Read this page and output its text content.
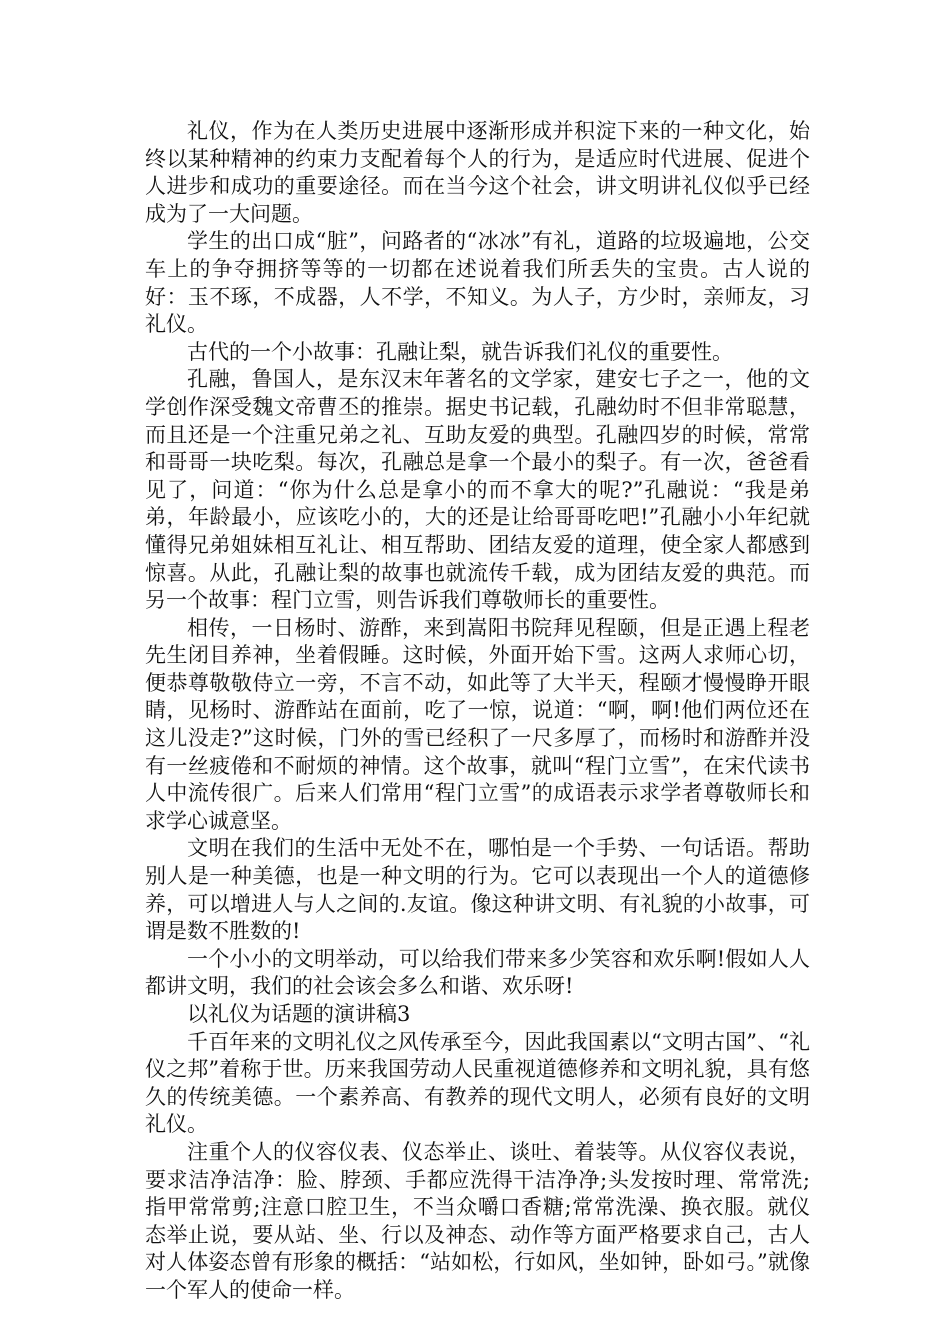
礼仪，作为在人类历史进展中逐渐形成并积淀下来的一种文化，始终以某种精神的约束力支配着每个人的行为，是适应时代进展、促进个人进步和成功的重要途径。而在当今这个社会，讲文明讲礼仪似乎已经成为了一大问题。

学生的出口成“脏”，问路者的“冰冰”有礼，道路的垃圾遍地，公交车上的争夺拥挤等等的一切都在述说着我们所丢失的宝贵。古人说的好：玉不琢，不成器，人不学，不知义。为人子，方少时，亲师友，习礼仪。

古代的一个小故事：孔融让梨，就告诉我们礼仪的重要性。

孔融，鲁国人，是东汉末年著名的文学家，建安七子之一，他的文学创作深受魏文帝曹丕的推崇。据史书记载，孔融幼时不但非常聪慧，而且还是一个注重兄弟之礼、互助友爱的典型。孔融四岁的时候，常常和哥哥一块吃梨。每次，孔融总是拿一个最小的梨子。有一次，爸爸看见了，问道：“你为什么总是拿小的而不拿大的呢?”孔融说：“我是弟弟，年龄最小，应该吃小的，大的还是让给哥哥吃吧!”孔融小小年纪就懂得兄弟姐妹相互礼让、相互帮助、团结友爱的道理，使全家人都感到惊喜。从此，孔融让梨的故事也就流传千载，成为团结友爱的典范。而另一个故事：程门立雪，则告诉我们尊敬师长的重要性。

相传，一日杨时、游酢，来到嵩阳书院拜见程颐，但是正遇上程老先生闭目养神，坐着假睡。这时候，外面开始下雪。这两人求师心切，便恭尊敬敬侍立一旁，不言不动，如此等了大半天，程颐才慢慢睁开眼睛，见杨时、游酢站在面前，吃了一惊，说道：“啊，啊!他们两位还在这儿没走?”这时候，门外的雪已经积了一尺多厚了，而杨时和游酢并没有一丝疲倦和不耐烦的神情。这个故事，就叫“程门立雪”，在宋代读书人中流传很广。后来人们常用“程门立雪”的成语表示求学者尊敬师长和求学心诚意坚。

文明在我们的生活中无处不在，哪怕是一个手势、一句话语。帮助别人是一种美德，也是一种文明的行为。它可以表现出一个人的道德修养，可以增进人与人之间的.友谊。像这种讲文明、有礼貌的小故事，可谓是数不胜数的!

一个小小的文明举动，可以给我们带来多少笑容和欢乐啊!假如人人都讲文明，我们的社会该会多么和谐、欢乐呀!

以礼仪为话题的演讲稿3

千百年来的文明礼仪之风传承至今，因此我国素以“文明古国”、“礼仪之邦”着称于世。历来我国劳动人民重视道德修养和文明礼貌，具有悠久的传统美德。一个素养高、有教养的现代文明人，必须有良好的文明礼仪。

注重个人的仪容仪表、仪态举止、谈吐、着装等。从仪容仪表说，要求洁净洁净：脸、脖颈、手都应洗得干洁净净;头发按时理、常常洗;指甲常常剪;注意口腔卫生，不当众嚼口香糖;常常洗澡、换衣服。就仪态举止说，要从站、坐、行以及神态、动作等方面严格要求自己，古人对人体姿态曾有形象的概括：“站如松，行如风，坐如钟，卧如弓。”就像一个军人的使命一样。
